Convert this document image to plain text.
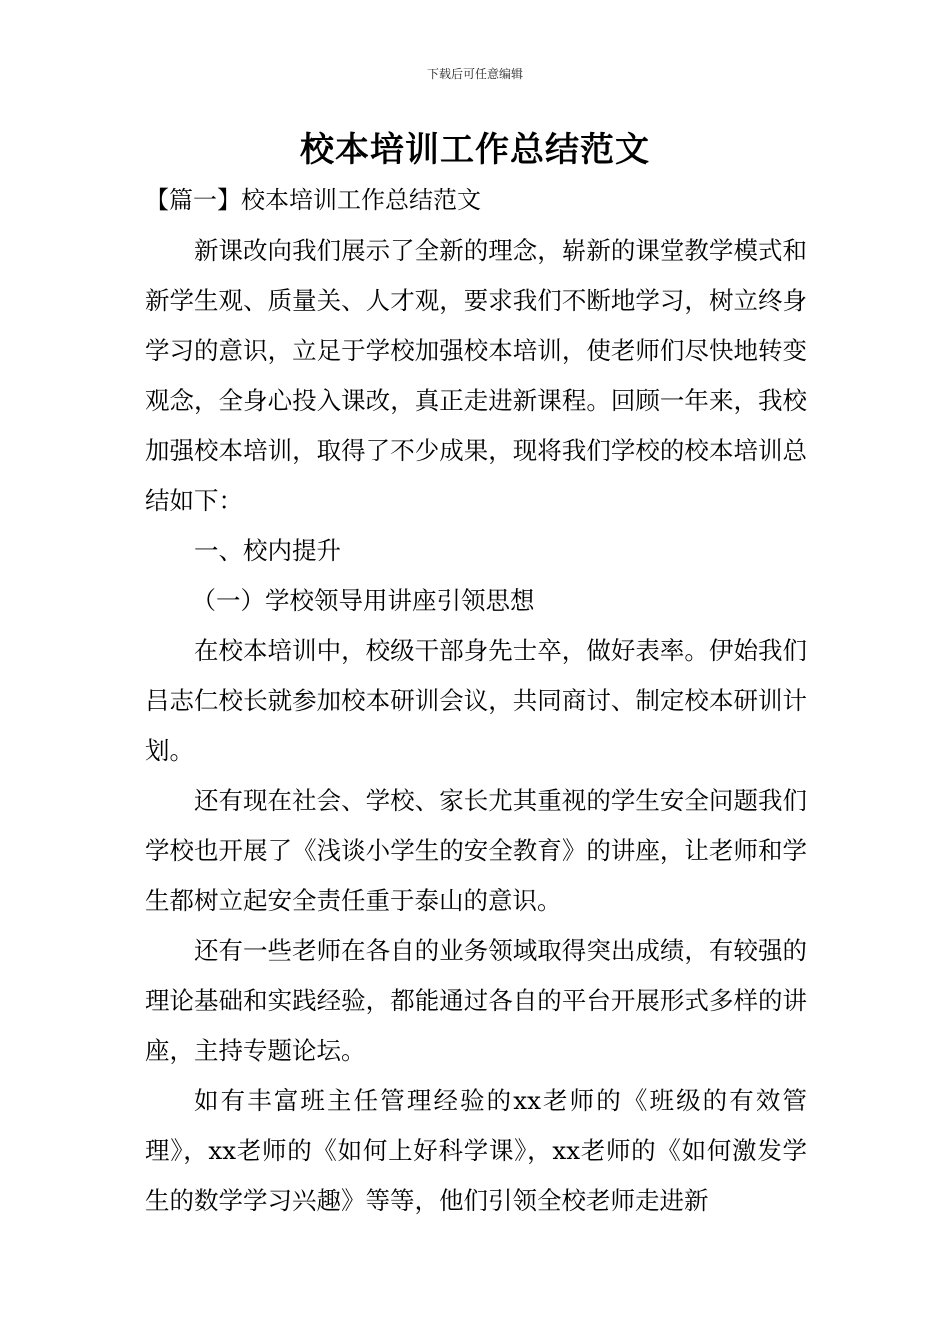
下载后可任意编辑
校本培训工作总结范文
【篇一】校本培训工作总结范文

新课改向我们展示了全新的理念，崭新的课堂教学模式和新学生观、质量关、人才观，要求我们不断地学习，树立终身学习的意识，立足于学校加强校本培训，使老师们尽快地转变观念，全身心投入课改，真正走进新课程。回顾一年来，我校加强校本培训，取得了不少成果，现将我们学校的校本培训总结如下：

一、校内提升

（一）学校领导用讲座引领思想

在校本培训中，校级干部身先士卒，做好表率。伊始我们吕志仁校长就参加校本研训会议，共同商讨、制定校本研训计划。

还有现在社会、学校、家长尤其重视的学生安全问题我们学校也开展了《浅谈小学生的安全教育》的讲座，让老师和学生都树立起安全责任重于泰山的意识。

还有一些老师在各自的业务领域取得突出成绩，有较强的理论基础和实践经验，都能通过各自的平台开展形式多样的讲座，主持专题论坛。

如有丰富班主任管理经验的xx老师的《班级的有效管理》，xx老师的《如何上好科学课》，xx老师的《如何激发学生的数学学习兴趣》等等，他们引领全校老师走进新
